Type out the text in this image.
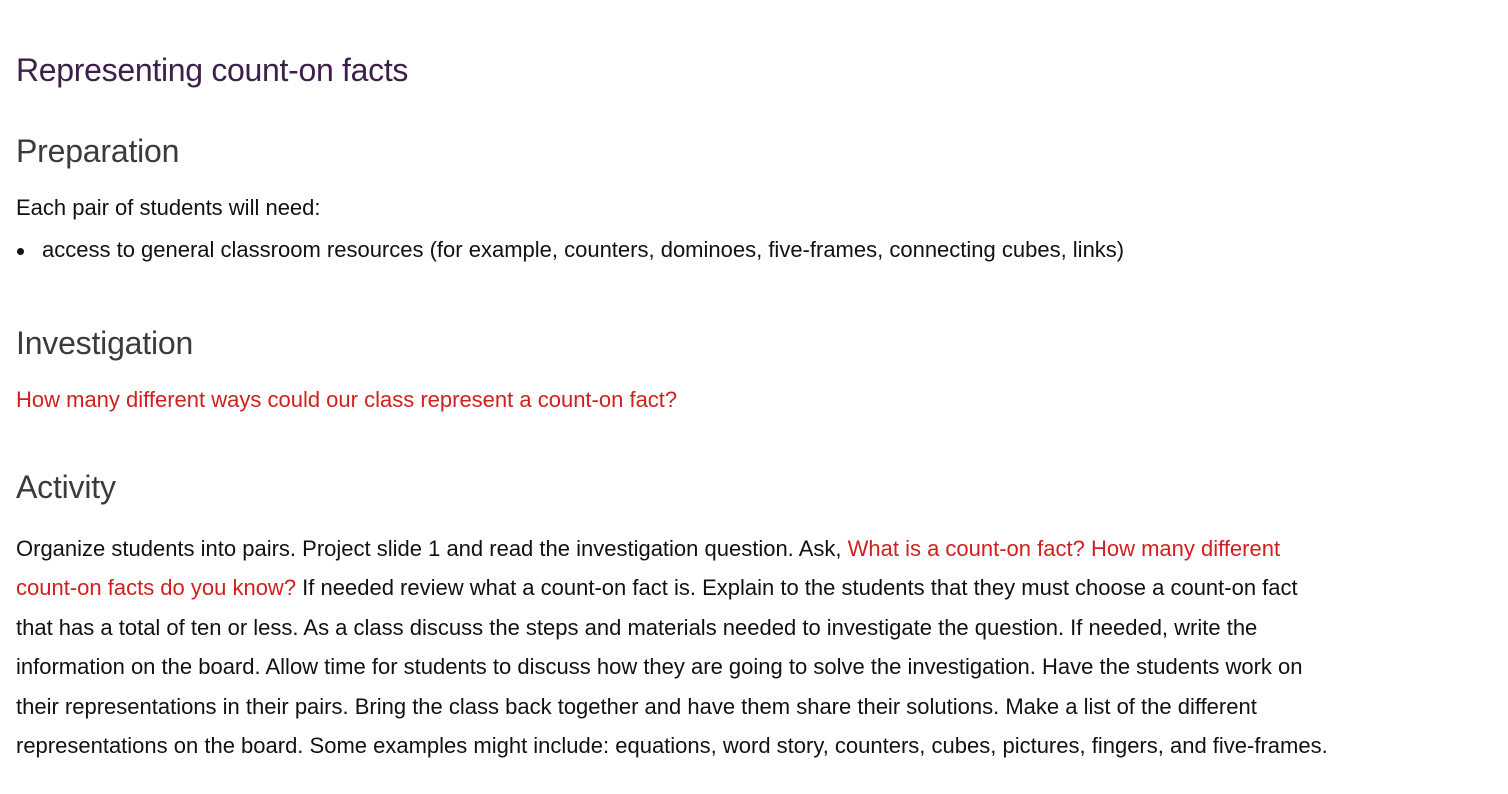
Representing count-on facts
Preparation

Each pair of students will need:

access to general classroom resources (for example, counters, dominoes, five-frames, connecting cubes, links)
Investigation

How many different ways could our class represent a count-on fact?

Activity

Organize students into pairs. Project slide 1 and read the investigation question. Ask, What is a count-on fact? How many different
count-on facts do you know? If needed review what a count-on fact is. Explain to the students that they must choose a count-on fact
that has a total of ten or less. As a class discuss the steps and materials needed to investigate the question. If needed, write the
information on the board. Allow time for students to discuss how they are going to solve the investigation. Have the students work on
their representations in their pairs. Bring the class back together and have them share their solutions. Make a list of the different
representations on the board. Some examples might include: equations, word story, counters, cubes, pictures, fingers, and five-frames.
